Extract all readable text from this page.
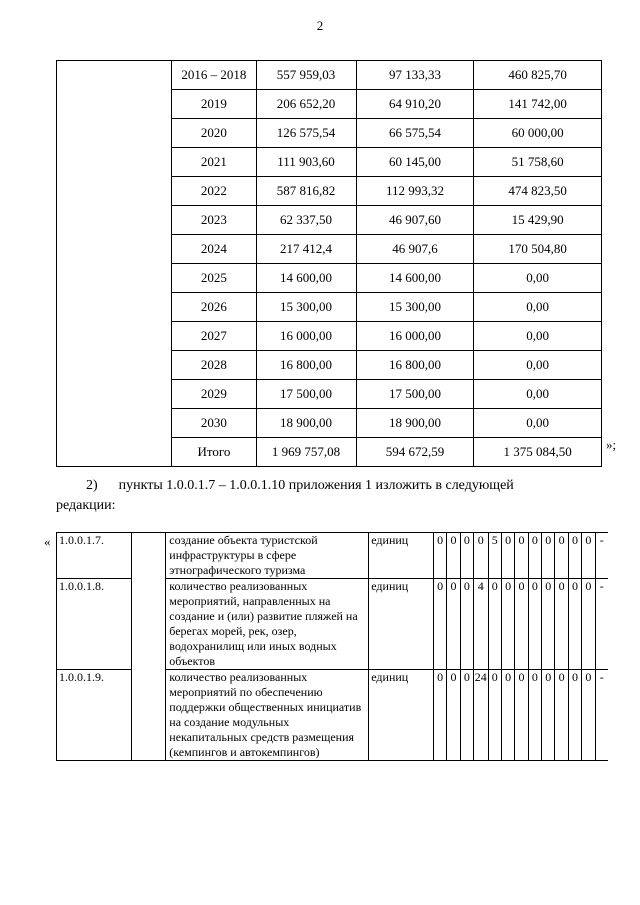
2
	2016 – 2018	557 959,03	97 133,33	460 825,70
	2019	206 652,20	64 910,20	141 742,00
	2020	126 575,54	66 575,54	60 000,00
	2021	111 903,60	60 145,00	51 758,60
	2022	587 816,82	112 993,32	474 823,50
	2023	62 337,50	46 907,60	15 429,90
	2024	217 412,4	46 907,6	170 504,80
	2025	14 600,00	14 600,00	0,00
	2026	15 300,00	15 300,00	0,00
	2027	16 000,00	16 000,00	0,00
	2028	16 800,00	16 800,00	0,00
	2029	17 500,00	17 500,00	0,00
	2030	18 900,00	18 900,00	0,00
	Итого	1 969 757,08	594 672,59	1 375 084,50	»;
2)      пункты 1.0.0.1.7 – 1.0.0.1.10 приложения 1 изложить в следующей
редакции:
« 1.0.0.1.7.		создание объекта туристской инфраструктуры в сфере этнографического туризма	единиц	0	0	0	0	5	0	0	0	0	0	0	0	-
1.0.0.1.8.		количество реализованных мероприятий, направленных на создание и (или) развитие пляжей на берегах морей, рек, озер, водохранилищ или иных водных объектов	единиц	0	0	0	4	0	0	0	0	0	0	0	0	-
1.0.0.1.9.		количество реализованных мероприятий по обеспечению поддержки общественных инициатив на создание модульных некапитальных средств размещения (кемпингов и автокемпингов)	единиц	0	0	0	24	0	0	0	0	0	0	0	0	-
